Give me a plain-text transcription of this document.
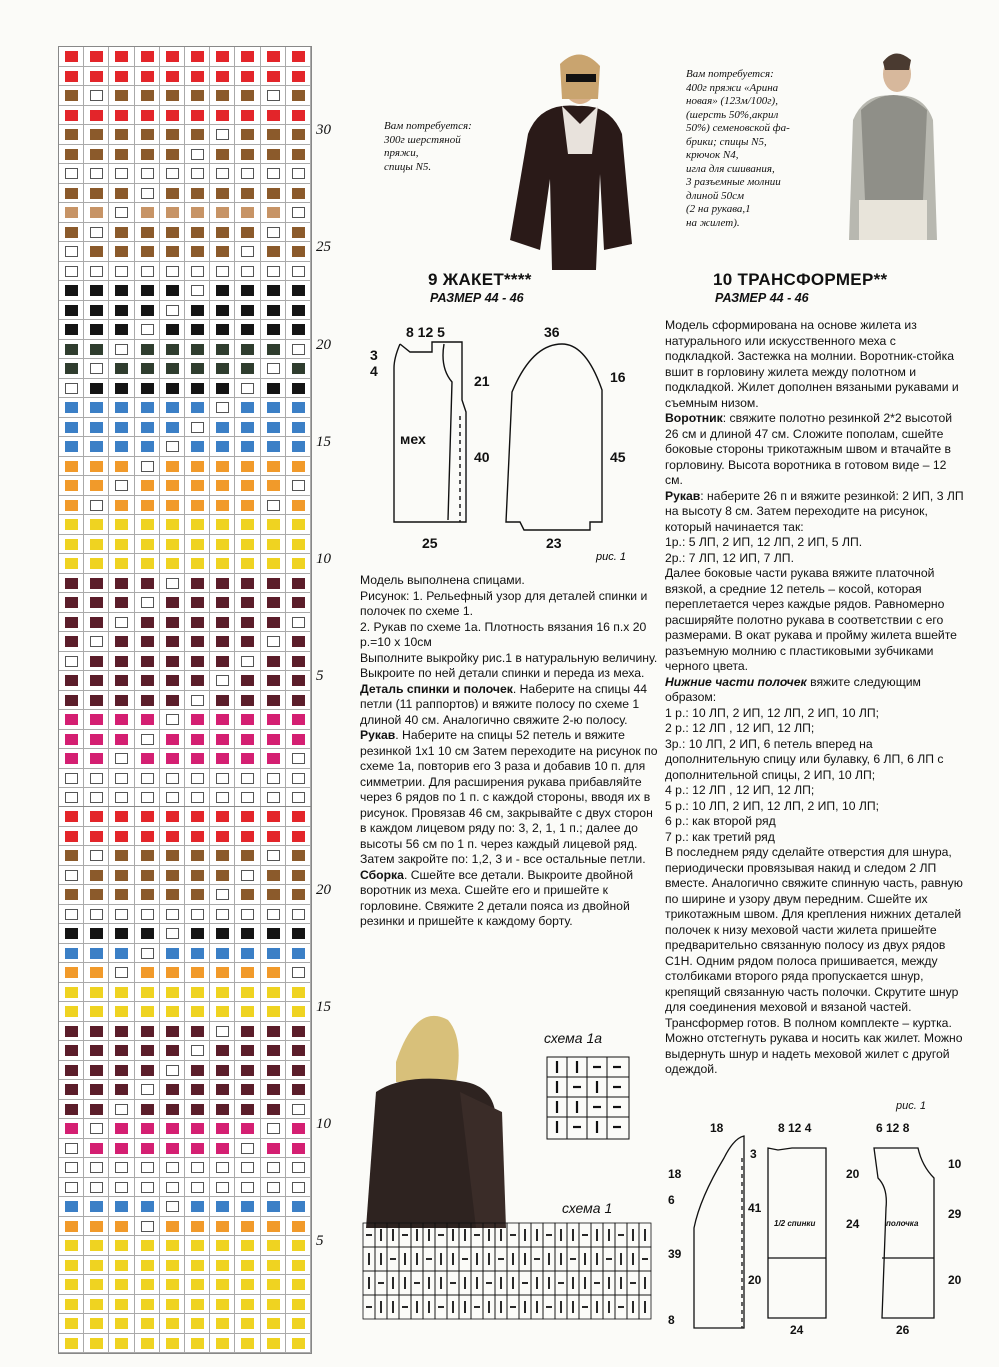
30
25
20
15
10
5
20
15
10
5
Вам потребуется:
300г шерстяной
пряжи,
спицы N5.
Вам потребуется:
400г пряжи «Арина
новая» (123м/100г),
(шерсть 50%,акрил
50%) семеновской фа-
брики; спицы N5,
крючок N4,
игла для сшивания,
3 разъемные молнии
длиной 50см
(2 на рукава,1
на жилет).
9 ЖАКЕТ****
РАЗМЕР 44 - 46
10 ТРАНСФОРМЕР**
РАЗМЕР 44 - 46
8 12 5	36
3
4
21
40
16
45
25	23
мех
рис. 1

Модель выполнена спицами.

Рисунок: 1. Рельефный узор для деталей спинки и полочек по схеме 1.

2. Рукав по схеме 1а. Плотность вязания 16 п.х 20 р.=10 х 10см

Выполните выкройку рис.1 в натуральную величину. Выкроите по ней детали спинки и переда из меха.

Деталь спинки и полочек. Наберите на спицы 44 петли (11 раппортов) и вяжите полосу по схеме 1 длиной 40 см. Аналогично свяжите 2-ю полосу.

Рукав. Наберите на спицы 52 петель и вяжите резинкой 1х1 10 см Затем переходите на рисунок по схеме 1а, повторив его 3 раза и добавив 10 п. для симметрии. Для расширения рукава прибавляйте через 6 рядов по 1 п. с каждой стороны, вводя их в рисунок. Провязав 46 см, закрывайте с двух сторон в каждом лицевом ряду по: 3, 2, 1, 1 п.; далее до высоты 56 см по 1 п. через каждый лицевой ряд. Затем закройте по: 1,2, 3 и - все остальные петли.

Сборка. Сшейте все детали. Выкроите двойной воротник из меха. Сшейте его и пришейте к горловине. Свяжите 2 детали пояса из двойной резинки и пришейте к каждому борту.

схема 1а
схема 1

Модель сформирована на основе жилета из натурального или искусственного меха с подкладкой. Застежка на молнии. Воротник-стойка вшит в горловину жилета между полотном и подкладкой. Жилет дополнен вязаными рукавами и съемным низом.

Воротник: свяжите полотно резинкой 2*2 высотой 26 см и длиной 47 см. Сложите пополам, сшейте боковые стороны трикотажным швом и втачайте в горловину. Высота воротника в готовом виде – 12 см.

Рукав: наберите 26 п и вяжите резинкой: 2 ИП, 3 ЛП на высоту 8 см. Затем переходите на рисунок, который начинается так:

1р.: 5 ЛП, 2 ИП, 12 ЛП, 2 ИП, 5 ЛП.

2р.: 7 ЛП, 12 ИП, 7 ЛП.

Далее боковые части рукава вяжите платочной вязкой, а средние 12 петель – косой, которая переплетается через каждые рядов. Равномерно расширяйте полотно рукава в соответствии с его размерами. В окат рукава и пройму жилета вшейте разъемную молнию с пластиковыми зубчиками черного цвета.

Нижние части полочек вяжите следующим образом:

1 р.: 10 ЛП, 2 ИП, 12 ЛП, 2 ИП, 10 ЛП;

2 р.: 12 ЛП , 12 ИП, 12 ЛП;

3р.: 10 ЛП, 2 ИП, 6 петель вперед на дополнительную спицу или булавку, 6 ЛП, 6 ЛП с дополнительной спицы, 2 ИП, 10 ЛП;

4 р.: 12 ЛП , 12 ИП, 12 ЛП;

5 р.: 10 ЛП, 2 ИП, 12 ЛП, 2 ИП, 10 ЛП;

6 р.: как второй ряд

7 р.: как третий ряд

В последнем ряду сделайте отверстия для шнура, периодически провязывая накид и следом 2 ЛП вместе. Аналогично свяжите спинную часть, равную по ширине и узору двум передним. Сшейте их трикотажным швом. Для крепления нижних деталей полочек к низу меховой части жилета пришейте предварительно связанную полосу из двух рядов С1Н. Одним рядом полоса пришивается, между столбиками второго ряда пропускается шнур, крепящий связанную часть полочки. Скрутите шнур для соединения меховой и вязаной частей. Трансформер готов. В полном комплекте – куртка. Можно отстегнуть рукава и носить как жилет. Можно выдернуть шнур и надеть меховой жилет с другой одеждой.

рис. 1
18
18
6
39
8
8 12 4
3
41
20
20
24
24
6 12 8
10
29
20
26
1/2 спинки	полочка
